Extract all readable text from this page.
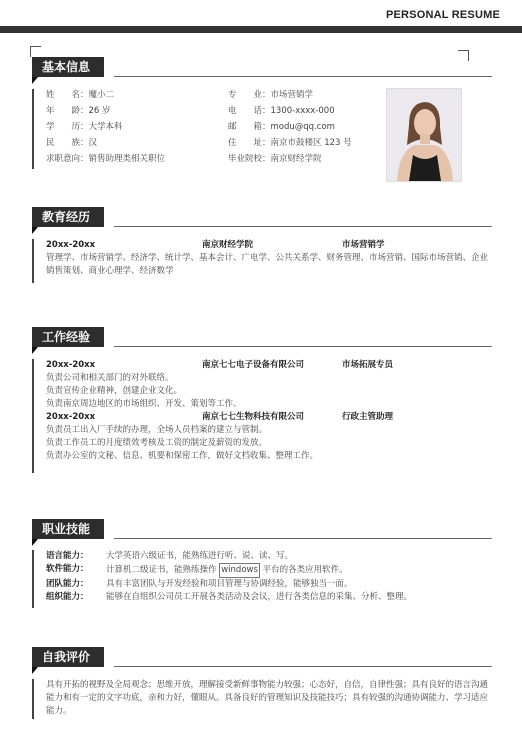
PERSONAL RESUME
基本信息
姓　　名：魔小二	专　　业：市场营销学
年　　龄：26 岁	电　　话：1300-xxxx-000
学　　历：大学本科	邮　　箱：modu@qq.com
民　　族：汉	住　　址：南京市鼓楼区 123 号
求职意向：销售助理类相关职位	毕业院校：南京财经学院
教育经历
20xx-20xx	南京财经学院	市场营销学
管理学、市场营销学、经济学、统计学、基本会计、广电学、公共关系学、财务管理、市场营销、国际市场营销、企业销售策划、商业心理学、经济数学
工作经验
20xx-20xx	南京七七电子设备有限公司	市场拓展专员
负责公司和相关部门的对外联络。
负责宣传企业精神，创建企业文化。
负责南京周边地区的市场组织、开发、策划等工作。
20xx-20xx	南京七七生物科技有限公司	行政主管助理
负责员工出入厂手续的办理，全场人员档案的建立与管制。
负责工作员工的月度绩效考核及工资的制定及薪资的发放。
负责办公室的文秘、信息、机要和保密工作，做好文档收集、整理工作。
职业技能
语言能力：	大学英语六级证书，能熟练进行听、说、读、写。
软件能力：	计算机二级证书，能熟练操作 windows 平台的各类应用软件。
团队能力：	具有丰富团队与开发经验和项目管理与协调经验，能够独当一面。
组织能力：	能够在自组织公司员工开展各类活动及会议，进行各类信息的采集、分析、整理。
自我评价
具有开拓的视野及全局观念；思维开放，理解接受新鲜事物能力较强；心态好，自信，自律性强；具有良好的语言沟通能力和有一定的文字功底，亲和力好，懂眼从。具备良好的管理知识及技能技巧；具有较强的沟通协调能力、学习适应能力。
